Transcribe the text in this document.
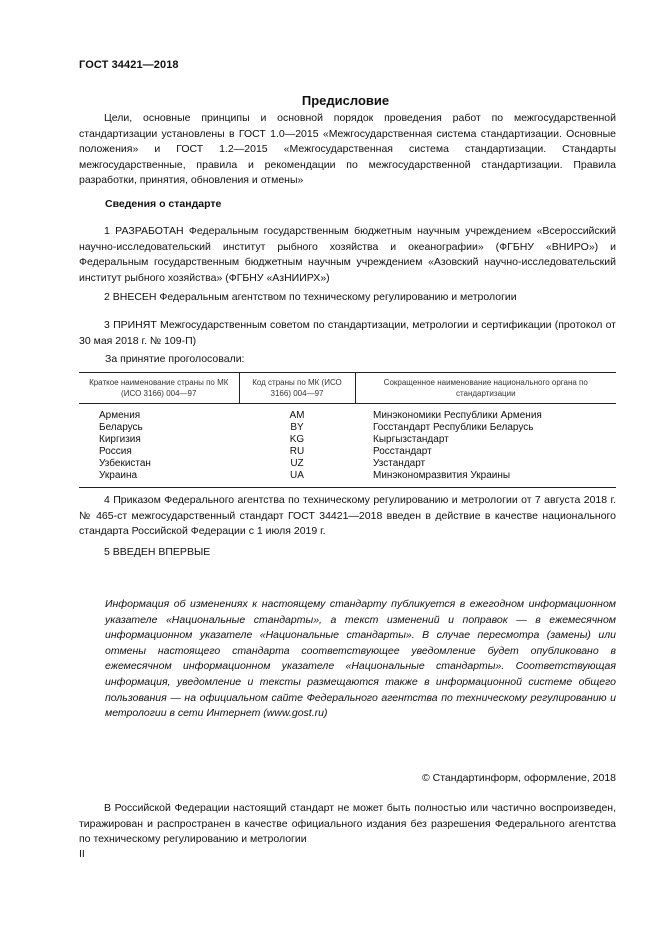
ГОСТ 34421—2018
Предисловие
Цели, основные принципы и основной порядок проведения работ по межгосударственной стандартизации установлены в ГОСТ 1.0—2015 «Межгосударственная система стандартизации. Основные положения» и ГОСТ 1.2—2015 «Межгосударственная система стандартизации. Стандарты межгосударственные, правила и рекомендации по межгосударственной стандартизации. Правила разработки, принятия, обновления и отмены»
Сведения о стандарте
1 РАЗРАБОТАН Федеральным государственным бюджетным научным учреждением «Всероссийский научно-исследовательский институт рыбного хозяйства и океанографии» (ФГБНУ «ВНИРО») и Федеральным государственным бюджетным научным учреждением «Азовский научно-исследовательский институт рыбного хозяйства» (ФГБНУ «АзНИИРХ»)
2 ВНЕСЕН Федеральным агентством по техническому регулированию и метрологии
3 ПРИНЯТ Межгосударственным советом по стандартизации, метрологии и сертификации (протокол от 30 мая 2018 г. № 109-П)
За принятие проголосовали:
Краткое наименование страны по МК (ИСО 3166) 004—97	Код страны по МК (ИСО 3166) 004—97	Сокращенное наименование национального органа по стандартизации
Армения	AM	Минэкономики Республики Армения
Беларусь	BY	Госстандарт Республики Беларусь
Киргизия	KG	Кыргызстандарт
Россия	RU	Росстандарт
Узбекистан	UZ	Узстандарт
Украина	UA	Минэкономразвития Украины
4 Приказом Федерального агентства по техническому регулированию и метрологии от 7 августа 2018 г. № 465-ст межгосударственный стандарт ГОСТ 34421—2018 введен в действие в качестве национального стандарта Российской Федерации с 1 июля 2019 г.
5 ВВЕДЕН ВПЕРВЫЕ
Информация об изменениях к настоящему стандарту публикуется в ежегодном информационном указателе «Национальные стандарты», а текст изменений и поправок — в ежемесячном информационном указателе «Национальные стандарты». В случае пересмотра (замены) или отмены настоящего стандарта соответствующее уведомление будет опубликовано в ежемесячном информационном указателе «Национальные стандарты». Соответствующая информация, уведомление и тексты размещаются также в информационной системе общего пользования — на официальном сайте Федерального агентства по техническому регулированию и метрологии в сети Интернет (www.gost.ru)
© Стандартинформ, оформление, 2018
В Российской Федерации настоящий стандарт не может быть полностью или частично воспроизведен, тиражирован и распространен в качестве официального издания без разрешения Федерального агентства по техническому регулированию и метрологии
II
